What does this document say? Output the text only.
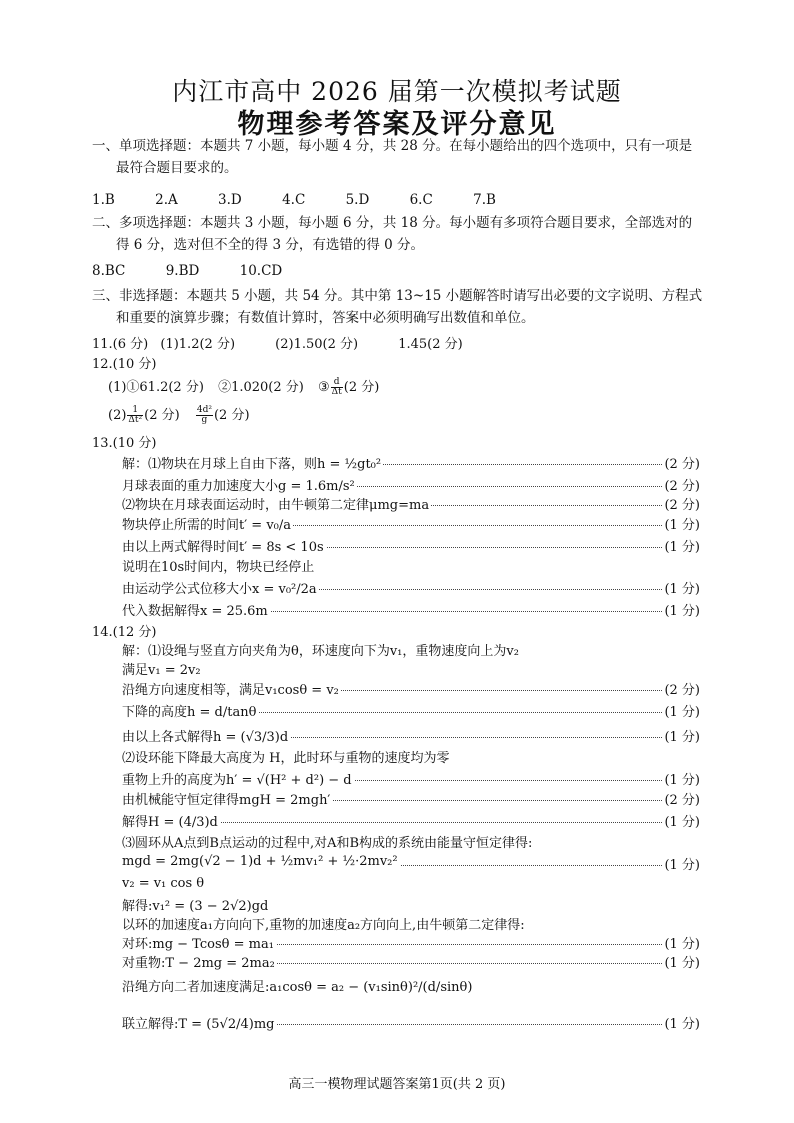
内江市高中 2026 届第一次模拟考试题
物理参考答案及评分意见
一、单项选择题：本题共 7 小题，每小题 4 分，共 28 分。在每小题给出的四个选项中，只有一项是
最符合题目要求的。
1.B	2.A	3.D	4.C	5.D	6.C	7.B
二、多项选择题：本题共 3 小题，每小题 6 分，共 18 分。每小题有多项符合题目要求，全部选对的
得 6 分，选对但不全的得 3 分，有选错的得 0 分。
8.BC	9.BD	10.CD
三、非选择题：本题共 5 小题，共 54 分。其中第 13~15 小题解答时请写出必要的文字说明、方程式
和重要的演算步骤；有数值计算时，答案中必须明确写出数值和单位。
11.(6 分) (1)1.2(2 分)	(2)1.50(2 分)	1.45(2 分)
12.(10 分)
(1)①61.2(2 分) ②1.020(2 分) ③ $\frac{d}{\Delta t} (2$ 分)
$(2) \frac{1}{\text{Δt²}} (2$ 分) $\frac{\text{4d²}}{g} (2$ 分)
13.(10 分)
解：⑴物块在月球上自由下落，则h = ½gt₀²	(2 分)
月球表面的重力加速度大小g = 1.6m/s²	(2 分)
⑵物块在月球表面运动时，由牛顿第二定律μmg=ma	(2 分)
物块停止所需的时间t′ = v₀/a	(1 分)
由以上两式解得时间t′ = 8s < 10s	(1 分)
说明在10s时间内，物块已经停止
由运动学公式位移大小x = v₀²/2a	(1 分)
代入数据解得x = 25.6m	(1 分)
14.(12 分)
解：⑴设绳与竖直方向夹角为θ，环速度向下为v₁，重物速度向上为v₂
满足v₁ = 2v₂
沿绳方向速度相等，满足v₁cosθ = v₂	(2 分)
下降的高度h = d/tanθ	(1 分)
由以上各式解得h = (√3/3)d	(1 分)
⑵设环能下降最大高度为 H，此时环与重物的速度均为零
重物上升的高度为h′ = √(H² + d²) − d	(1 分)
由机械能守恒定律得mgH = 2mgh′	(2 分)
解得H = (4/3)d	(1 分)
⑶圆环从A点到B点运动的过程中,对A和B构成的系统由能量守恒定律得:
mgd = 2mg(√2 − 1)d + ½mv₁² + ½·2mv₂²	(1 分)
v₂ = v₁ cos θ
解得:v₁² = (3 − 2√2)gd
以环的加速度a₁方向向下,重物的加速度a₂方向向上,由牛顿第二定律得:
对环:mg − Tcosθ = ma₁	(1 分)
对重物:T − 2mg = 2ma₂	(1 分)
沿绳方向二者加速度满足:a₁cosθ = a₂ − (v₁sinθ)²/(d/sinθ)
联立解得:T = (5√2/4)mg	(1 分)
高三一模物理试题答案第1页(共 2 页)
